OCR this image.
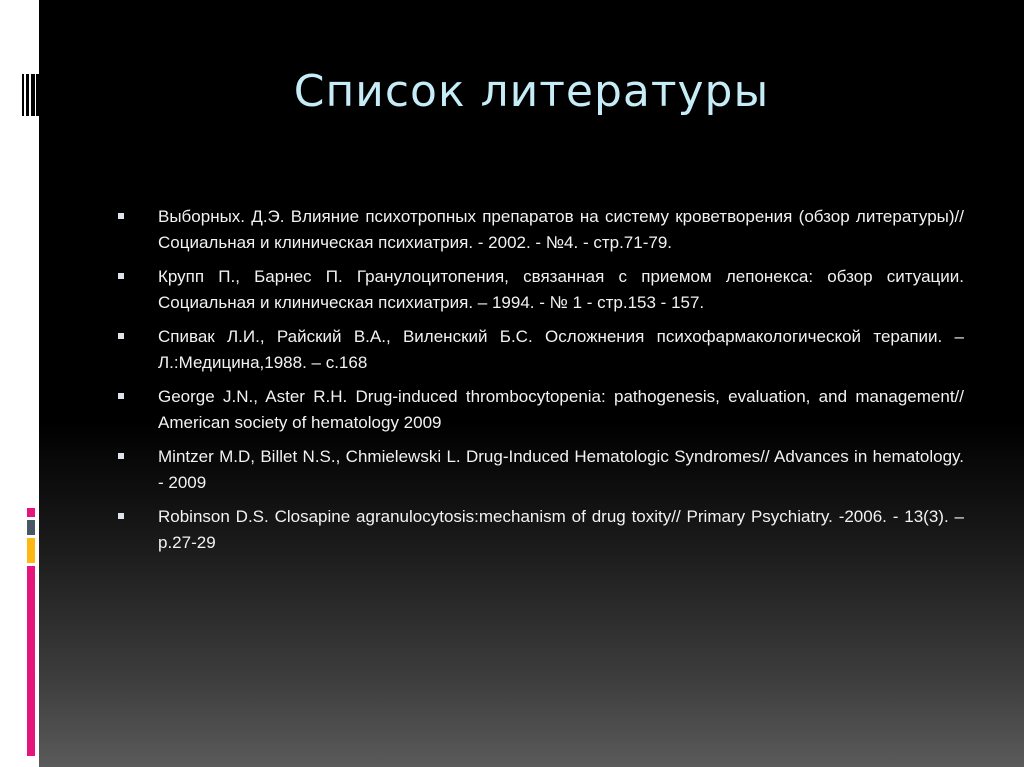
Список литературы
Выборных. Д.Э. Влияние психотропных препаратов на систему кроветворения (обзор литературы)// Социальная и клиническая психиатрия. - 2002. - №4. - стр.71-79.
Крупп П., Барнес П. Гранулоцитопения, связанная с приемом лепонекса: обзор ситуации. Социальная и клиническая психиатрия. – 1994. - № 1 - стр.153 - 157.
Спивак Л.И., Райский В.А., Виленский Б.С. Осложнения психофармакологической терапии. – Л.:Медицина,1988. – с.168
George J.N., Aster R.H. Drug-induced thrombocytopenia: pathogenesis, evaluation, and management// American society of hematology 2009
Mintzer M.D, Billet N.S., Chmielewski L. Drug-Induced Hematologic Syndromes// Advances in hematology. - 2009
Robinson D.S. Closapine agranulocytosis:mechanism of drug toxity// Primary Psychiatry. -2006. - 13(3). – p.27-29
